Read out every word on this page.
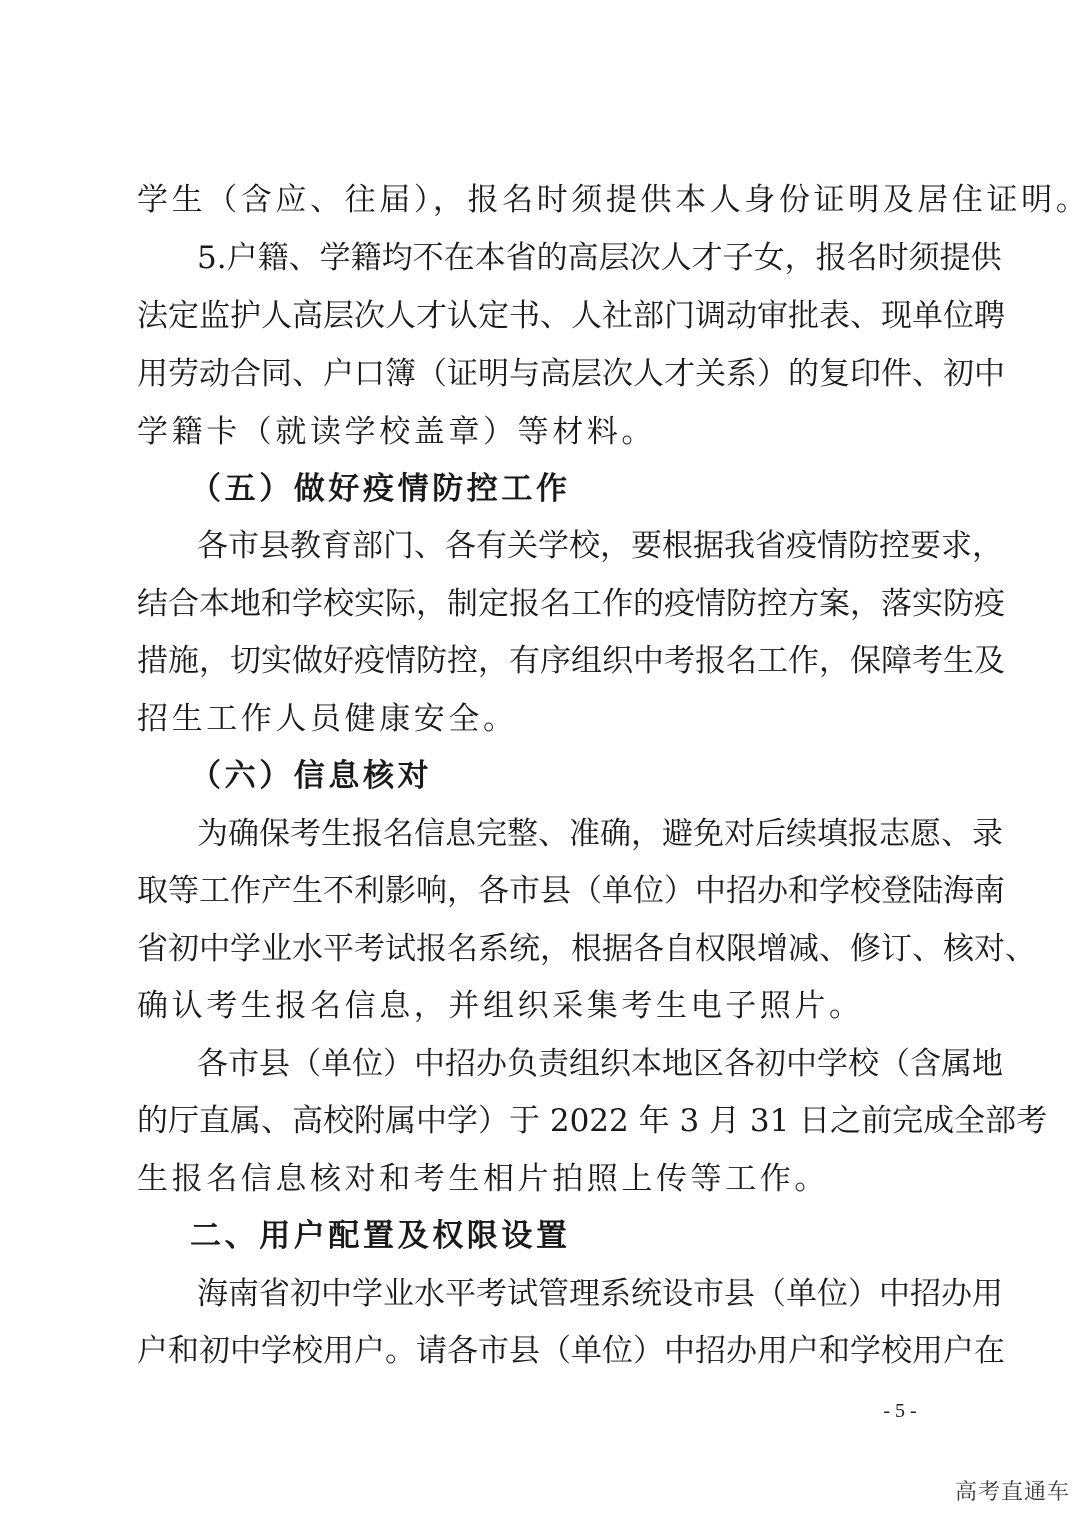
学生（含应、往届），报名时须提供本人身份证明及居住证明。
5.户籍、学籍均不在本省的高层次人才子女，报名时须提供
法定监护人高层次人才认定书、人社部门调动审批表、现单位聘
用劳动合同、户口簿（证明与高层次人才关系）的复印件、初中
学籍卡（就读学校盖章）等材料。
（五）做好疫情防控工作
各市县教育部门、各有关学校，要根据我省疫情防控要求，
结合本地和学校实际，制定报名工作的疫情防控方案，落实防疫
措施，切实做好疫情防控，有序组织中考报名工作，保障考生及
招生工作人员健康安全。
（六）信息核对
为确保考生报名信息完整、准确，避免对后续填报志愿、录
取等工作产生不利影响，各市县（单位）中招办和学校登陆海南
省初中学业水平考试报名系统，根据各自权限增减、修订、核对、
确认考生报名信息，并组织采集考生电子照片。
各市县（单位）中招办负责组织本地区各初中学校（含属地
的厅直属、高校附属中学）于 2022 年 3 月 31 日之前完成全部考
生报名信息核对和考生相片拍照上传等工作。
二、用户配置及权限设置
海南省初中学业水平考试管理系统设市县（单位）中招办用
户和初中学校用户。请各市县（单位）中招办用户和学校用户在
- 5 -
高考直通车
